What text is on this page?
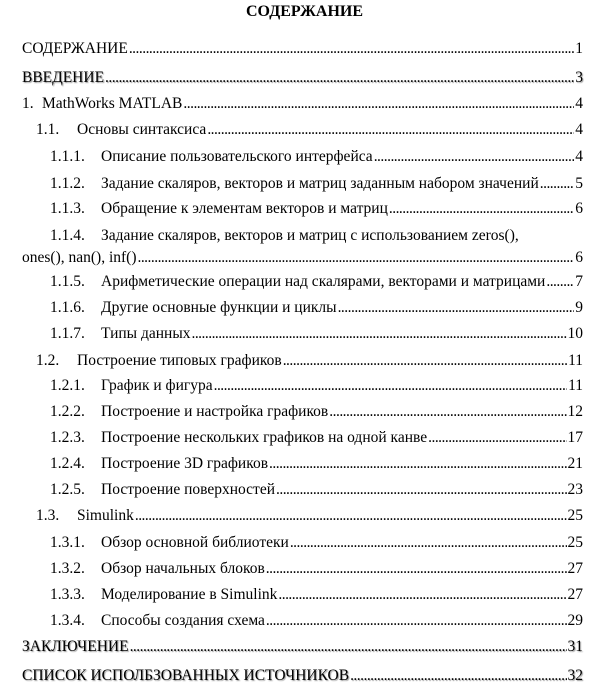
СОДЕРЖАНИЕ
СОДЕРЖАНИЕ . . .	1
ВВЕДЕНИЕ . . .	3
1. MathWorks MATLAB . . .	4
1.1.	Основы синтаксиса . . .	4
1.1.1.	Описание пользовательского интерфейса . . .	4
1.1.2.	Задание скаляров, векторов и матриц заданным набором значений . . . 5
1.1.3.	Обращение к элементам векторов и матриц . . .	6
1.1.4.	Задание скаляров, векторов и матриц с использованием zeros(),
ones(), nan(), inf() . . .	6
1.1.5.	Арифметические операции над скалярами, векторами и матрицами . . . 7
1.1.6.	Другие основные функции и циклы . . .	9
1.1.7.	Типы данных . . .	10
1.2.	Построение типовых графиков . . .	11
1.2.1.	График и фигура . . .	11
1.2.2.	Построение и настройка графиков . . .	12
1.2.3.	Построение нескольких графиков на одной канве . . .	17
1.2.4.	Построение 3D графиков . . .	21
1.2.5.	Построение поверхностей . . .	23
1.3.	Simulink . . .	25
1.3.1.	Обзор основной библиотеки . . .	25
1.3.2.	Обзор начальных блоков . . .	27
1.3.3.	Моделирование в Simulink . . .	27
1.3.4.	Способы создания схема . . .	29
ЗАКЛЮЧЕНИЕ . . .	31
СПИСОК ИСПОЛБЗОВАННЫХ ИСТОЧНИКОВ . . .	32
